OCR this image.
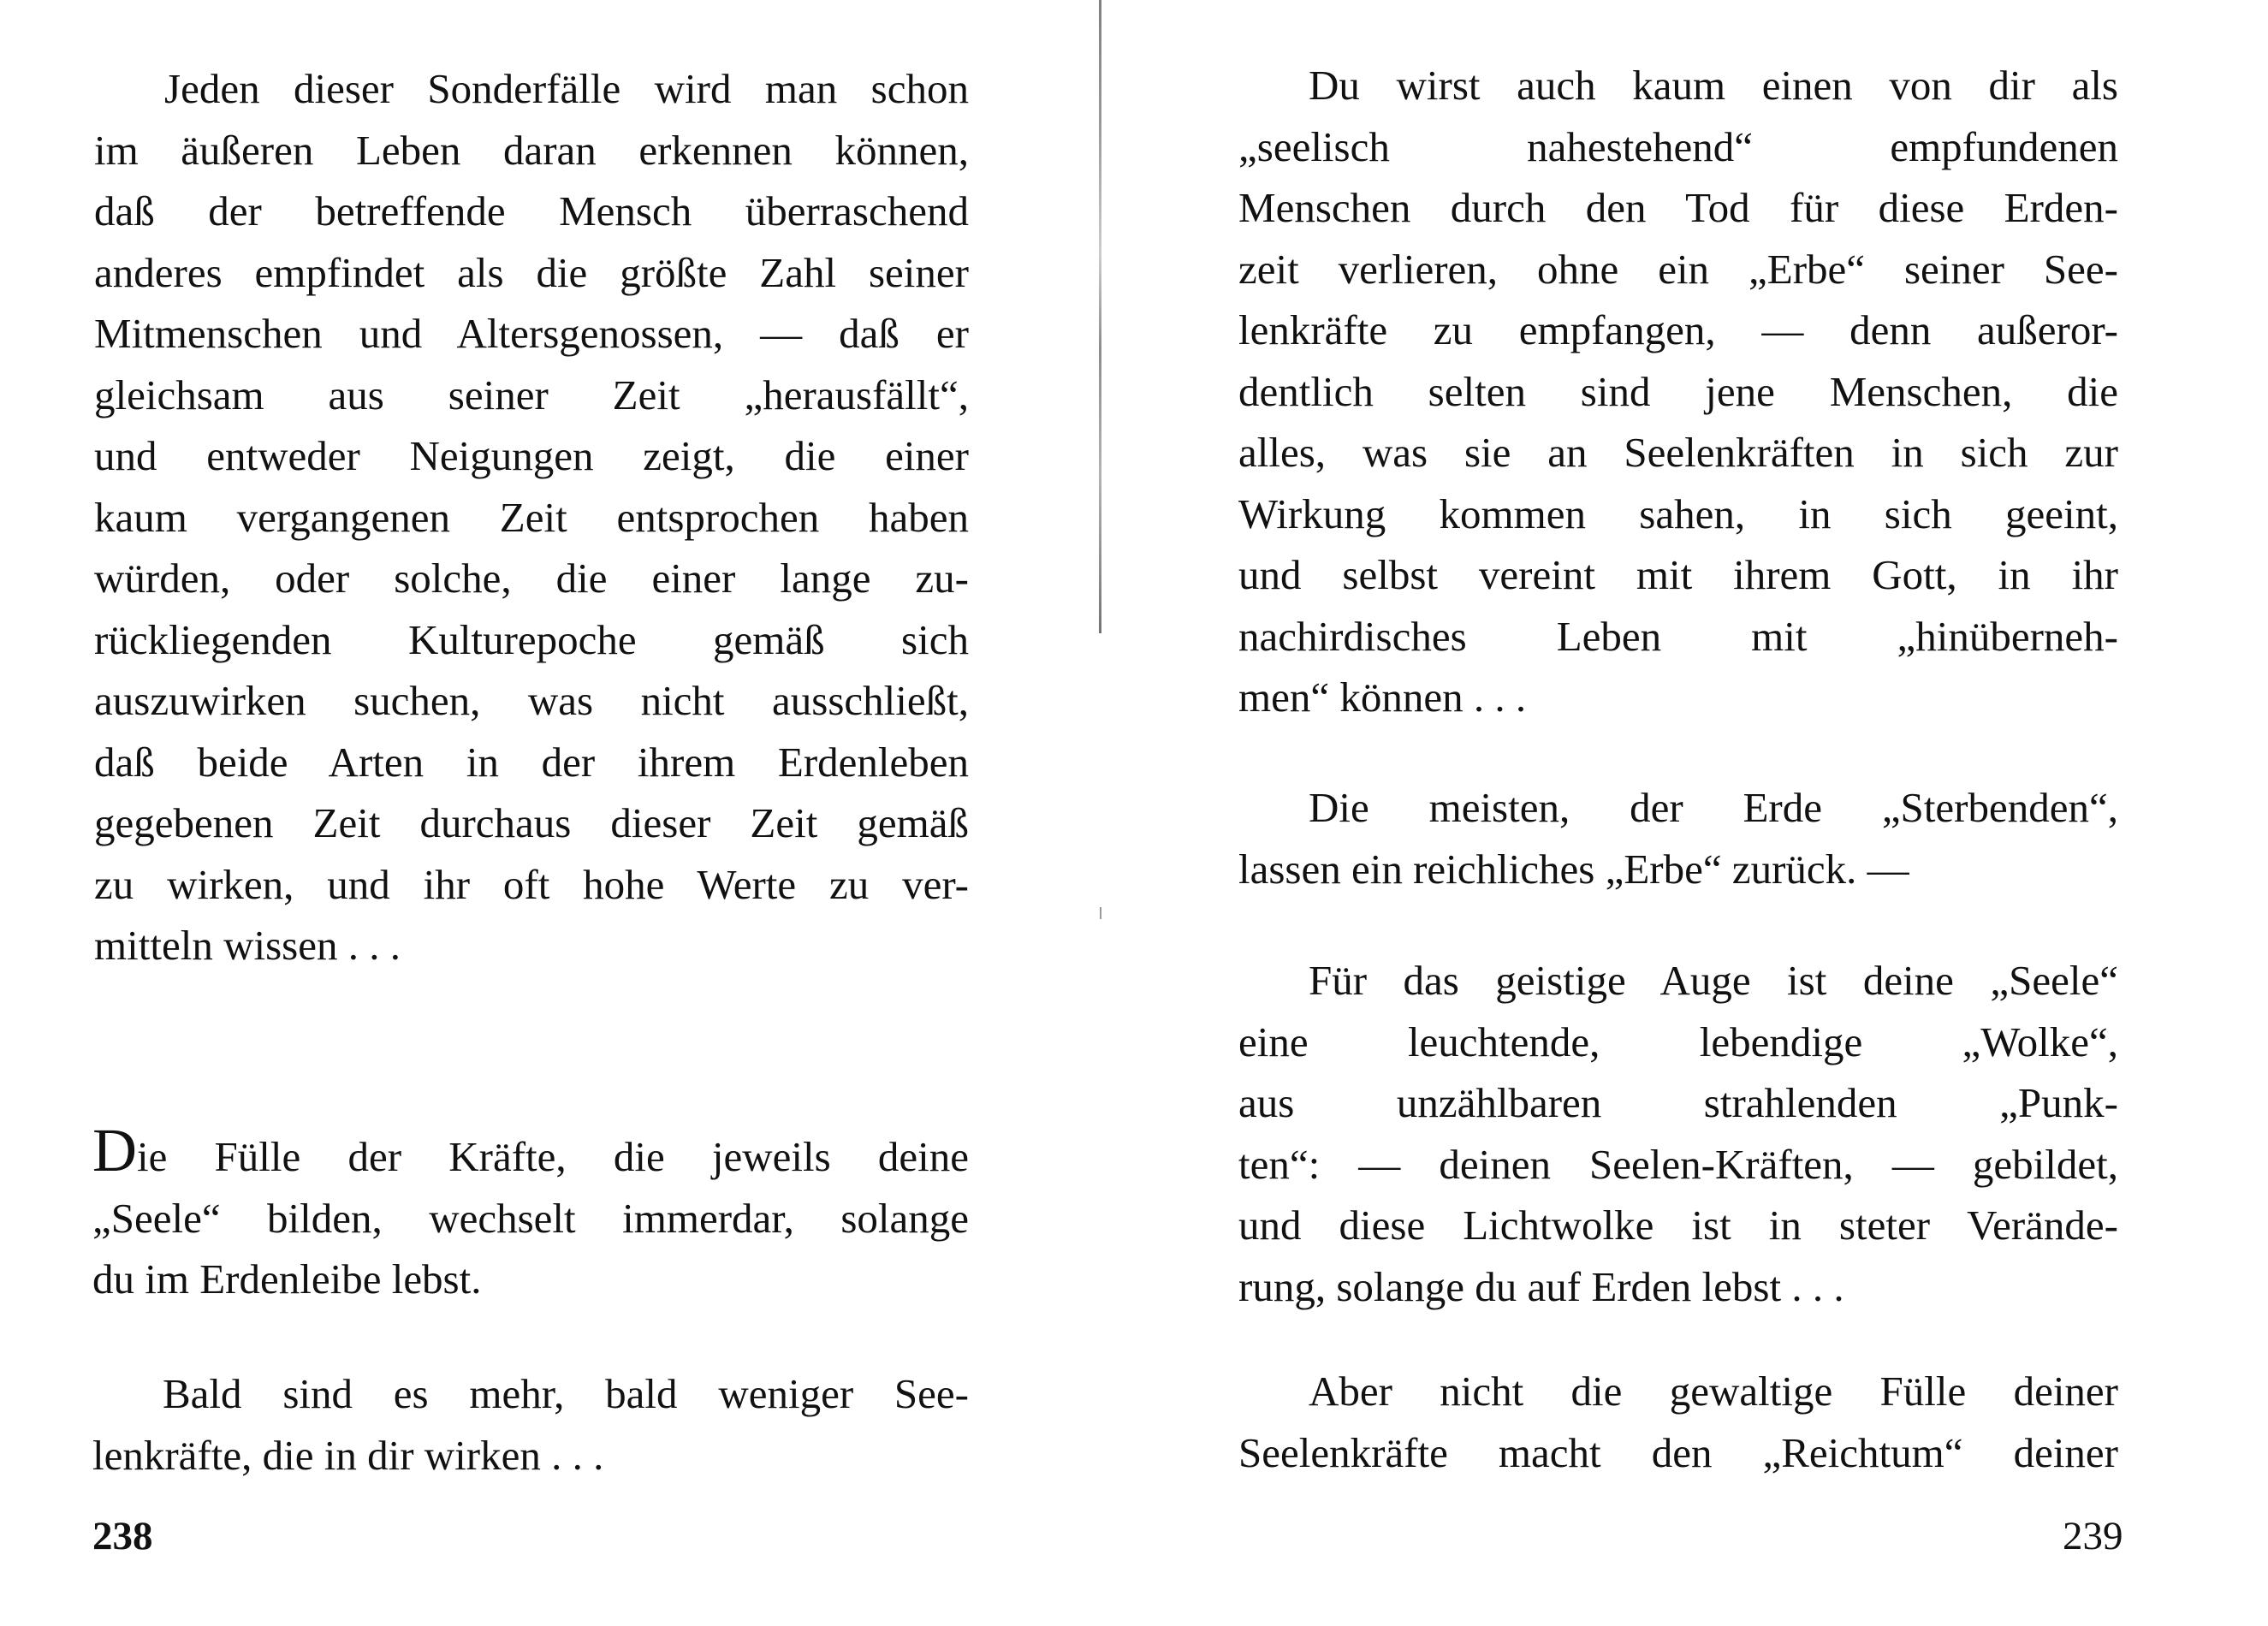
Jeden dieser Sonderfälle wird man schon
im äußeren Leben daran erkennen können,
daß der betreffende Mensch überraschend
anderes empfindet als die größte Zahl seiner
Mitmenschen und Altersgenossen, — daß er
gleichsam aus seiner Zeit „herausfällt“,
und entweder Neigungen zeigt, die einer
kaum vergangenen Zeit entsprochen haben
würden, oder solche, die einer lange zu-
rückliegenden Kulturepoche gemäß sich
auszuwirken suchen, was nicht ausschließt,
daß beide Arten in der ihrem Erdenleben
gegebenen Zeit durchaus dieser Zeit gemäß
zu wirken, und ihr oft hohe Werte zu ver-
mitteln wissen . . .
Die Fülle der Kräfte, die jeweils deine
„Seele“ bilden, wechselt immerdar, solange
du im Erdenleibe lebst.
Bald sind es mehr, bald weniger See-
lenkräfte, die in dir wirken . . .
238
Du wirst auch kaum einen von dir als
„seelisch nahestehend“ empfundenen
Menschen durch den Tod für diese Erden-
zeit verlieren, ohne ein „Erbe“ seiner See-
lenkräfte zu empfangen, — denn außeror-
dentlich selten sind jene Menschen, die
alles, was sie an Seelenkräften in sich zur
Wirkung kommen sahen, in sich geeint,
und selbst vereint mit ihrem Gott, in ihr
nachirdisches Leben mit „hinüberneh-
men“ können . . .
Die meisten, der Erde „Sterbenden“,
lassen ein reichliches „Erbe“ zurück. —
Für das geistige Auge ist deine „Seele“
eine leuchtende, lebendige „Wolke“,
aus unzählbaren strahlenden „Punk-
ten“: — deinen Seelen-Kräften, — gebildet,
und diese Lichtwolke ist in steter Verände-
rung, solange du auf Erden lebst . . .
Aber nicht die gewaltige Fülle deiner
Seelenkräfte macht den „Reichtum“ deiner
239
